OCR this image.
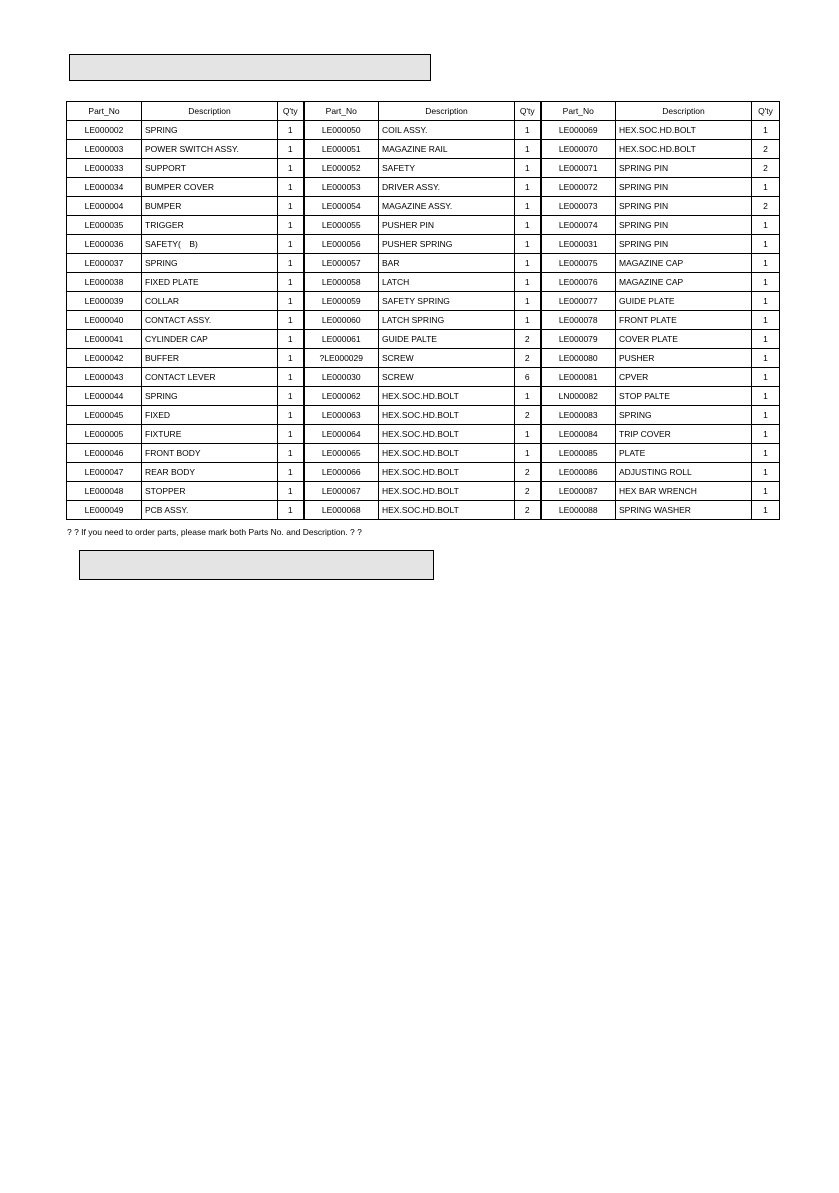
Part_No	Description	Q'ty	Part_No	Description	Q'ty	Part_No	Description	Q'ty
LE000002	SPRING	1	LE000050	COIL ASSY.	1	LE000069	HEX.SOC.HD.BOLT	1
LE000003	POWER SWITCH ASSY.	1	LE000051	MAGAZINE RAIL	1	LE000070	HEX.SOC.HD.BOLT	2
LE000033	SUPPORT	1	LE000052	SAFETY	1	LE000071	SPRING PIN	2
LE000034	BUMPER COVER	1	LE000053	DRIVER ASSY.	1	LE000072	SPRING PIN	1
LE000004	BUMPER	1	LE000054	MAGAZINE ASSY.	1	LE000073	SPRING PIN	2
LE000035	TRIGGER	1	LE000055	PUSHER PIN	1	LE000074	SPRING PIN	1
LE000036	SAFETY(　B)	1	LE000056	PUSHER SPRING	1	LE000031	SPRING PIN	1
LE000037	SPRING	1	LE000057	BAR	1	LE000075	MAGAZINE CAP	1
LE000038	FIXED PLATE	1	LE000058	LATCH	1	LE000076	MAGAZINE CAP	1
LE000039	COLLAR	1	LE000059	SAFETY SPRING	1	LE000077	GUIDE PLATE	1
LE000040	CONTACT ASSY.	1	LE000060	LATCH SPRING	1	LE000078	FRONT PLATE	1
LE000041	CYLINDER CAP	1	LE000061	GUIDE PALTE	2	LE000079	COVER PLATE	1
LE000042	BUFFER	1	?LE000029	SCREW	2	LE000080	PUSHER	1
LE000043	CONTACT LEVER	1	LE000030	SCREW	6	LE000081	CPVER	1
LE000044	SPRING	1	LE000062	HEX.SOC.HD.BOLT	1	LN000082	STOP PALTE	1
LE000045	FIXED	1	LE000063	HEX.SOC.HD.BOLT	2	LE000083	SPRING	1
LE000005	FIXTURE	1	LE000064	HEX.SOC.HD.BOLT	1	LE000084	TRIP COVER	1
LE000046	FRONT BODY	1	LE000065	HEX.SOC.HD.BOLT	1	LE000085	PLATE	1
LE000047	REAR BODY	1	LE000066	HEX.SOC.HD.BOLT	2	LE000086	ADJUSTING ROLL	1
LE000048	STOPPER	1	LE000067	HEX.SOC.HD.BOLT	2	LE000087	HEX BAR WRENCH	1
LE000049	PCB ASSY.	1	LE000068	HEX.SOC.HD.BOLT	2	LE000088	SPRING WASHER	1
? ? If you need to order parts, please mark both Parts No. and Description. ? ?
